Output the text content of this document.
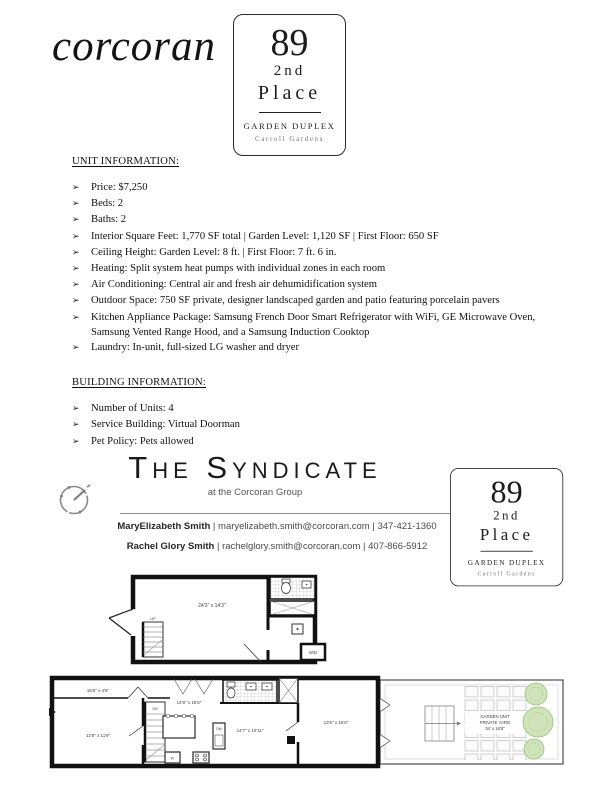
corcoran	89
2nd
Place
GARDEN DUPLEX
Carroll Gardens
UNIT INFORMATION:
➢	Price: $7,250
➢	Beds: 2
➢	Baths: 2
➢	Interior Square Feet: 1,770 SF total | Garden Level: 1,120 SF | First Floor: 650 SF
➢	Ceiling Height: Garden Level: 8 ft. | First Floor: 7 ft. 6 in.
➢	Heating: Split system heat pumps with individual zones in each room
➢	Air Conditioning: Central air and fresh air dehumidification system
➢	Outdoor Space: 750 SF private, designer landscaped garden and patio featuring porcelain pavers
➢	Kitchen Appliance Package: Samsung French Door Smart Refrigerator with WiFi, GE Microwave Oven, Samsung Vented Range Hood, and a Samsung Induction Cooktop
➢	Laundry: In-unit, full-sized LG washer and dryer
BUILDING INFORMATION:
➢	Number of Units: 4
➢	Service Building: Virtual Doorman
➢	Pet Policy: Pets allowed
The Syndicate
at the Corcoran Group
MaryElizabeth Smith | maryelizabeth.smith@corcoran.com | 347-421-1360
Rachel Glory Smith | rachelglory.smith@corcoran.com | 407-866-5912
89
2nd
Place
GARDEN DUPLEX
Carroll Gardens
W/D
UP
24'3" x 14'3"
GARDEN UNIT
PRIVATE YARD
34' x 16'8"
16'5" x 4'5"
12'8" x 11'9"
DN
DW
R
14'8" x 16'6"
14'7" x 10'11"
13'6" x 16'8"
